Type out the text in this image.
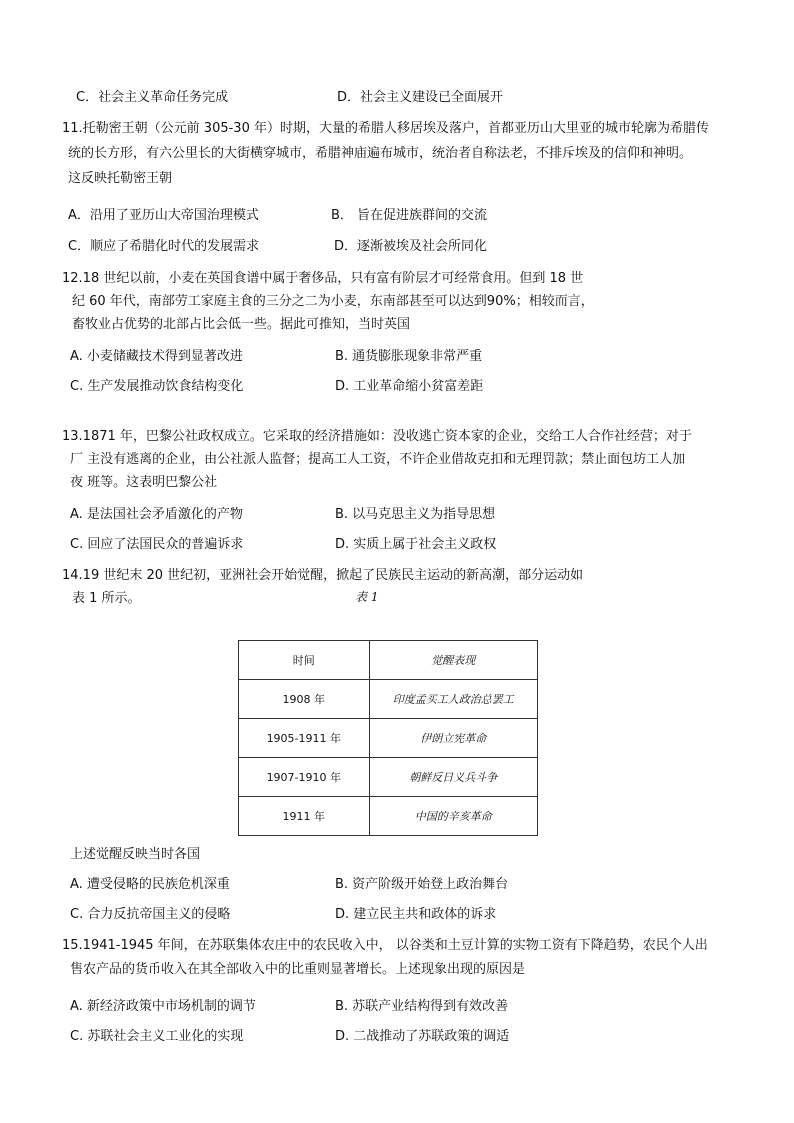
C．社会主义革命任务完成	D．社会主义建设已全面展开
11.托勒密王朝（公元前 305-30 年）时期，大量的希腊人移居埃及落户，首都亚历山大里亚的城市轮廓为希腊传
统的长方形，有六公里长的大街横穿城市，希腊神庙遍布城市，统治者自称法老，不排斥埃及的信仰和神明。
这反映托勒密王朝
A．沿用了亚历山大帝国治理模式	B． 旨在促进族群间的交流
C．顺应了希腊化时代的发展需求	D．逐渐被埃及社会所同化
12.18 世纪以前，小麦在英国食谱中属于奢侈品，只有富有阶层才可经常食用。但到 18 世
纪 60 年代，南部劳工家庭主食的三分之二为小麦，东南部甚至可以达到90%；相较而言，
畜牧业占优势的北部占比会低一些。据此可推知，当时英国
A. 小麦储藏技术得到显著改进	B. 通货膨胀现象非常严重
C. 生产发展推动饮食结构变化	D. 工业革命缩小贫富差距
13.1871 年，巴黎公社政权成立。它采取的经济措施如：没收逃亡资本家的企业，交给工人合作社经营；对于
厂 主没有逃离的企业，由公社派人监督；提高工人工资，不许企业借故克扣和无理罚款；禁止面包坊工人加
夜 班等。这表明巴黎公社
A. 是法国社会矛盾激化的产物	B. 以马克思主义为指导思想
C. 回应了法国民众的普遍诉求	D. 实质上属于社会主义政权
14.19 世纪末 20 世纪初，亚洲社会开始觉醒，掀起了民族民主运动的新高潮，部分运动如
表 1 所示。	表 1
时间	觉醒表现
1908 年	印度孟买工人政治总罢工
1905-1911 年	伊朗立宪革命
1907-1910 年	朝鲜反日义兵斗争
1911 年	中国的辛亥革命
上述觉醒反映当时各国
A. 遭受侵略的民族危机深重	B. 资产阶级开始登上政治舞台
C. 合力反抗帝国主义的侵略	D. 建立民主共和政体的诉求
15.1941-1945 年间，在苏联集体农庄中的农民收入中， 以谷类和土豆计算的实物工资有下降趋势，农民个人出
售农产品的货币收入在其全部收入中的比重则显著增长。上述现象出现的原因是
A. 新经济政策中市场机制的调节	B. 苏联产业结构得到有效改善
C. 苏联社会主义工业化的实现	D. 二战推动了苏联政策的调适
